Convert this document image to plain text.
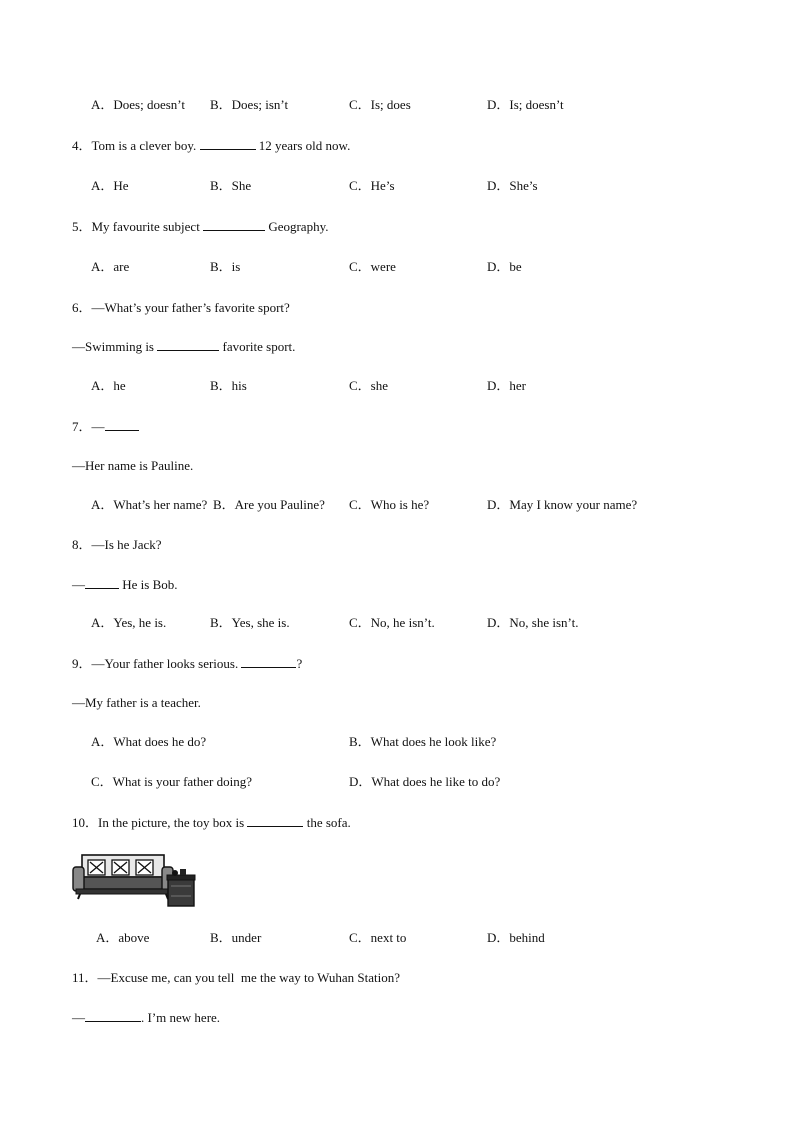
A．Does; doesn’t B．Does; isn’t	C．Is; does	D．Is; doesn’t
4．Tom is a clever boy.	12 years old now.
A．He	B．She	C．He’s	D．She’s
5．My favourite subject	Geography.
A．are	B．is	C．were	D．be
6．—What’s your father’s favorite sport?
—Swimming is	favorite sport.
A．he	B．his	C．she	D．her
7．—
—Her name is Pauline.
A．What’s her name? B．Are you Pauline? C．Who is he?	D．May I know your name?
8．—Is he Jack?
—	He is Bob.
A．Yes, he is.	B．Yes, she is.	C．No, he isn’t.	D．No, she isn’t.
9．—Your father looks serious.	?
—My father is a teacher.
A．What does he do?	B．What does he look like?
C．What is your father doing?	D．What does he like to do?
10．In the picture, the toy box is	the sofa.
A．above	B．under	C．next to	D．behind
11．—Excuse me, can you tell  me the way to Wuhan Station?
—	. I’m new here.
